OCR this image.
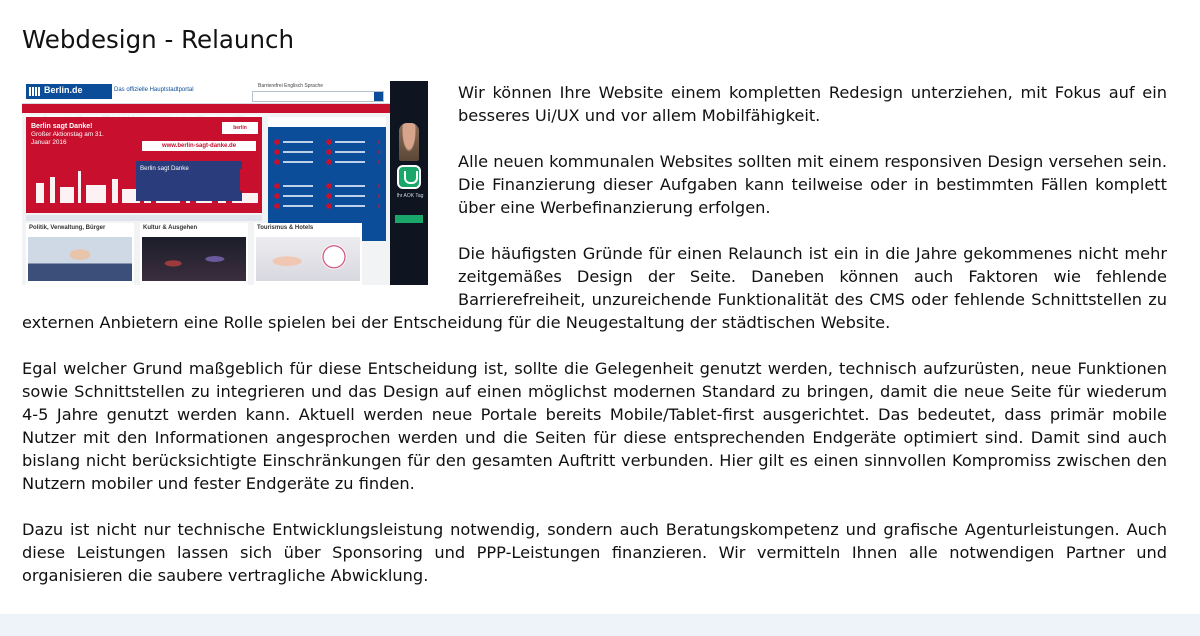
Webdesign - Relaunch
Berlin.de	Das offizielle Hauptstadtportal
Barrierefrei Englisch Sprache

Berlin sagt Danke!
Großer Aktionstag am 31. Januar 2016
berlin
www.berlin-sagt-danke.de
Berlin sagt Danke
Politik, Verwaltung, Bürger	Kultur & Ausgehen	Tourismus & Hotels
Ihr AOK Tag

Wir können Ihre Website einem kompletten Redesign unterziehen, mit Fokus auf ein besseres Ui/UX und vor allem Mobilfähigkeit.

Alle neuen kommunalen Websites sollten mit einem responsiven Design versehen sein. Die Finanzierung dieser Aufgaben kann teilweise oder in bestimmten Fällen komplett über eine Werbefinanzierung erfolgen.

Die häufigsten Gründe für einen Relaunch ist ein in die Jahre gekommenes nicht mehr zeitgemäßes Design der Seite. Daneben können auch Faktoren wie fehlende Barrierefreiheit, unzureichende Funktionalität des CMS oder fehlende Schnittstellen zu externen Anbietern eine Rolle spielen bei der Entscheidung für die Neugestaltung der städtischen Website.

Egal welcher Grund maßgeblich für diese Entscheidung ist, sollte die Gelegenheit genutzt werden, technisch aufzurüsten, neue Funktionen sowie Schnittstellen zu integrieren und das Design auf einen möglichst modernen Standard zu bringen, damit die neue Seite für wiederum 4-5 Jahre genutzt werden kann. Aktuell werden neue Portale bereits Mobile/Tablet-first ausgerichtet. Das bedeutet, dass primär mobile Nutzer mit den Informationen angesprochen werden und die Seiten für diese entsprechenden Endgeräte optimiert sind. Damit sind auch bislang nicht berücksichtigte Einschränkungen für den gesamten Auftritt verbunden. Hier gilt es einen sinnvollen Kompromiss zwischen den Nutzern mobiler und fester Endgeräte zu finden.

Dazu ist nicht nur technische Entwicklungsleistung notwendig, sondern auch Beratungskompetenz und grafische Agenturleistungen. Auch diese Leistungen lassen sich über Sponsoring und PPP-Leistungen finanzieren. Wir vermitteln Ihnen alle notwendigen Partner und organisieren die saubere vertragliche Abwicklung.
